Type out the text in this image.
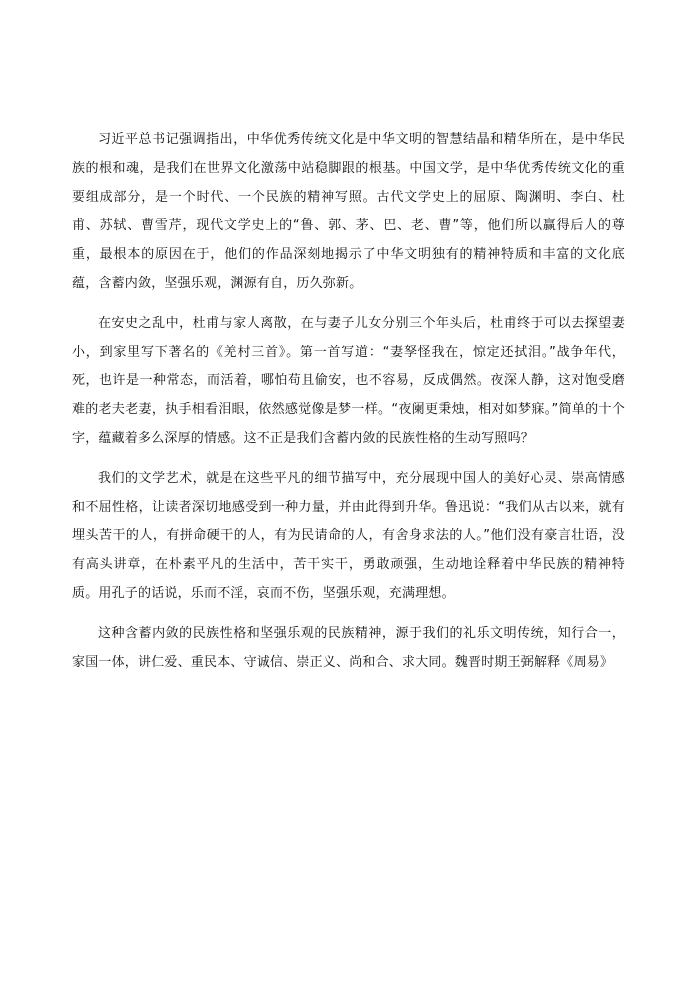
习近平总书记强调指出，中华优秀传统文化是中华文明的智慧结晶和精华所在，是中华民族的根和魂，是我们在世界文化激荡中站稳脚跟的根基。中国文学，是中华优秀传统文化的重要组成部分，是一个时代、一个民族的精神写照。古代文学史上的屈原、陶渊明、李白、杜甫、苏轼、曹雪芹，现代文学史上的“鲁、郭、茅、巴、老、曹”等，他们所以赢得后人的尊重，最根本的原因在于，他们的作品深刻地揭示了中华文明独有的精神特质和丰富的文化底蕴，含蓄内敛，坚强乐观，渊源有自，历久弥新。

在安史之乱中，杜甫与家人离散，在与妻子儿女分别三个年头后，杜甫终于可以去探望妻小，到家里写下著名的《羌村三首》。第一首写道：“妻孥怪我在，惊定还拭泪。”战争年代，死，也许是一种常态，而活着，哪怕苟且偷安，也不容易，反成偶然。夜深人静，这对饱受磨难的老夫老妻，执手相看泪眼，依然感觉像是梦一样。“夜阑更秉烛，相对如梦寐。”简单的十个字，蕴藏着多么深厚的情感。这不正是我们含蓄内敛的民族性格的生动写照吗？

我们的文学艺术，就是在这些平凡的细节描写中，充分展现中国人的美好心灵、崇高情感和不屈性格，让读者深切地感受到一种力量，并由此得到升华。鲁迅说：“我们从古以来，就有埋头苦干的人，有拼命硬干的人，有为民请命的人，有舍身求法的人。”他们没有豪言壮语，没有高头讲章，在朴素平凡的生活中，苦干实干，勇敢顽强，生动地诠释着中华民族的精神特质。用孔子的话说，乐而不淫，哀而不伤，坚强乐观，充满理想。

这种含蓄内敛的民族性格和坚强乐观的民族精神，源于我们的礼乐文明传统，知行合一，家国一体，讲仁爱、重民本、守诚信、崇正义、尚和合、求大同。魏晋时期王弼解释《周易》
